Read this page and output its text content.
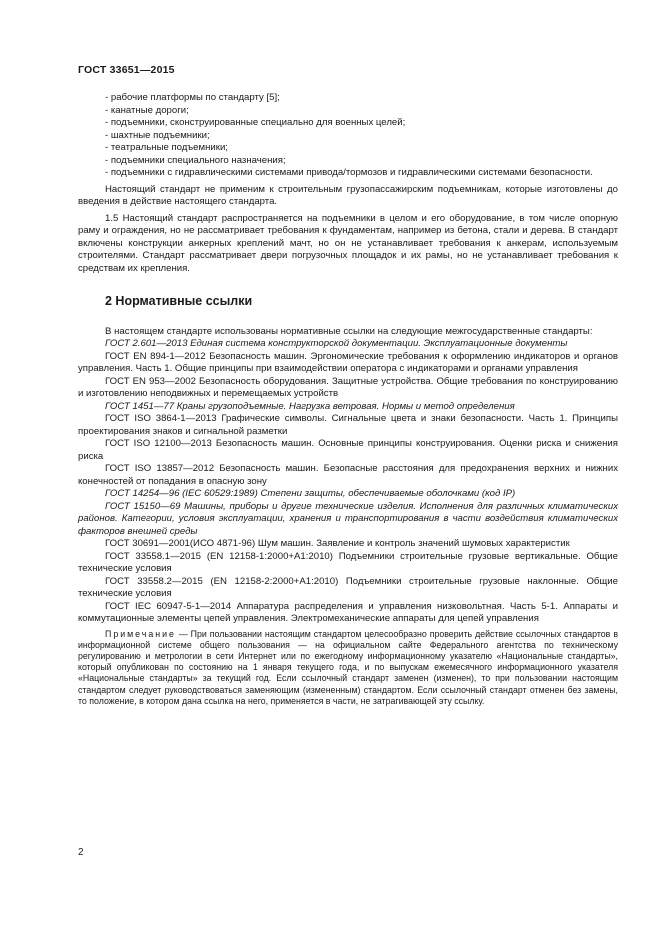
ГОСТ 33651—2015
- рабочие платформы по стандарту [5];
- канатные дороги;
- подъемники, сконструированные специально для военных целей;
- шахтные подъемники;
- театральные подъемники;
- подъемники специального назначения;
- подъемники с гидравлическими системами привода/тормозов и гидравлическими системами безопасности.

Настоящий стандарт не применим к строительным грузопассажирским подъемникам, которые изготовлены до введения в действие настоящего стандарта.

1.5 Настоящий стандарт распространяется на подъемники в целом и его оборудование, в том числе опорную раму и ограждения, но не рассматривает требования к фундаментам, например из бетона, стали и дерева. В стандарт включены конструкции анкерных креплений мачт, но он не устанавливает требования к анкерам, используемым строителями. Стандарт рассматривает двери погрузочных площадок и их рамы, но не устанавливает требования к средствам их крепления.

2 Нормативные ссылки

В настоящем стандарте использованы нормативные ссылки на следующие межгосударственные стандарты:

ГОСТ 2.601—2013 Единая система конструкторской документации. Эксплуатационные документы

ГОСТ EN 894-1—2012 Безопасность машин. Эргономические требования к оформлению индикаторов и органов управления. Часть 1. Общие принципы при взаимодействии оператора с индикаторами и органами управления

ГОСТ EN 953—2002 Безопасность оборудования. Защитные устройства. Общие требования по конструированию и изготовлению неподвижных и перемещаемых устройств

ГОСТ 1451—77 Краны грузоподъемные. Нагрузка ветровая. Нормы и метод определения

ГОСТ ISO 3864-1—2013 Графические символы. Сигнальные цвета и знаки безопасности. Часть 1. Принципы проектирования знаков и сигнальной разметки

ГОСТ ISO 12100—2013 Безопасность машин. Основные принципы конструирования. Оценки риска и снижения риска

ГОСТ ISO 13857—2012 Безопасность машин. Безопасные расстояния для предохранения верхних и нижних конечностей от попадания в опасную зону

ГОСТ 14254—96 (IEC 60529:1989) Степени защиты, обеспечиваемые оболочками (код IP)

ГОСТ 15150—69 Машины, приборы и другие технические изделия. Исполнения для различных климатических районов. Категории, условия эксплуатации, хранения и транспортирования в части воздействия климатических факторов внешней среды

ГОСТ 30691—2001(ИСО 4871-96) Шум машин. Заявление и контроль значений шумовых характеристик

ГОСТ 33558.1—2015 (EN 12158-1:2000+A1:2010) Подъемники строительные грузовые вертикальные. Общие технические условия

ГОСТ 33558.2—2015 (EN 12158-2:2000+A1:2010) Подъемники строительные грузовые наклонные. Общие технические условия

ГОСТ IEC 60947-5-1—2014 Аппаратура распределения и управления низковольтная. Часть 5-1. Аппараты и коммутационные элементы цепей управления. Электромеханические аппараты для цепей управления

Примечание — При пользовании настоящим стандартом целесообразно проверить действие ссылочных стандартов в информационной системе общего пользования — на официальном сайте Федерального агентства по техническому регулированию и метрологии в сети Интернет или по ежегодному информационному указателю «Национальные стандарты», который опубликован по состоянию на 1 января текущего года, и по выпускам ежемесячного информационного указателя «Национальные стандарты» за текущий год. Если ссылочный стандарт заменен (изменен), то при пользовании настоящим стандартом следует руководствоваться заменяющим (измененным) стандартом. Если ссылочный стандарт отменен без замены, то положение, в котором дана ссылка на него, применяется в части, не затрагивающей эту ссылку.

2
